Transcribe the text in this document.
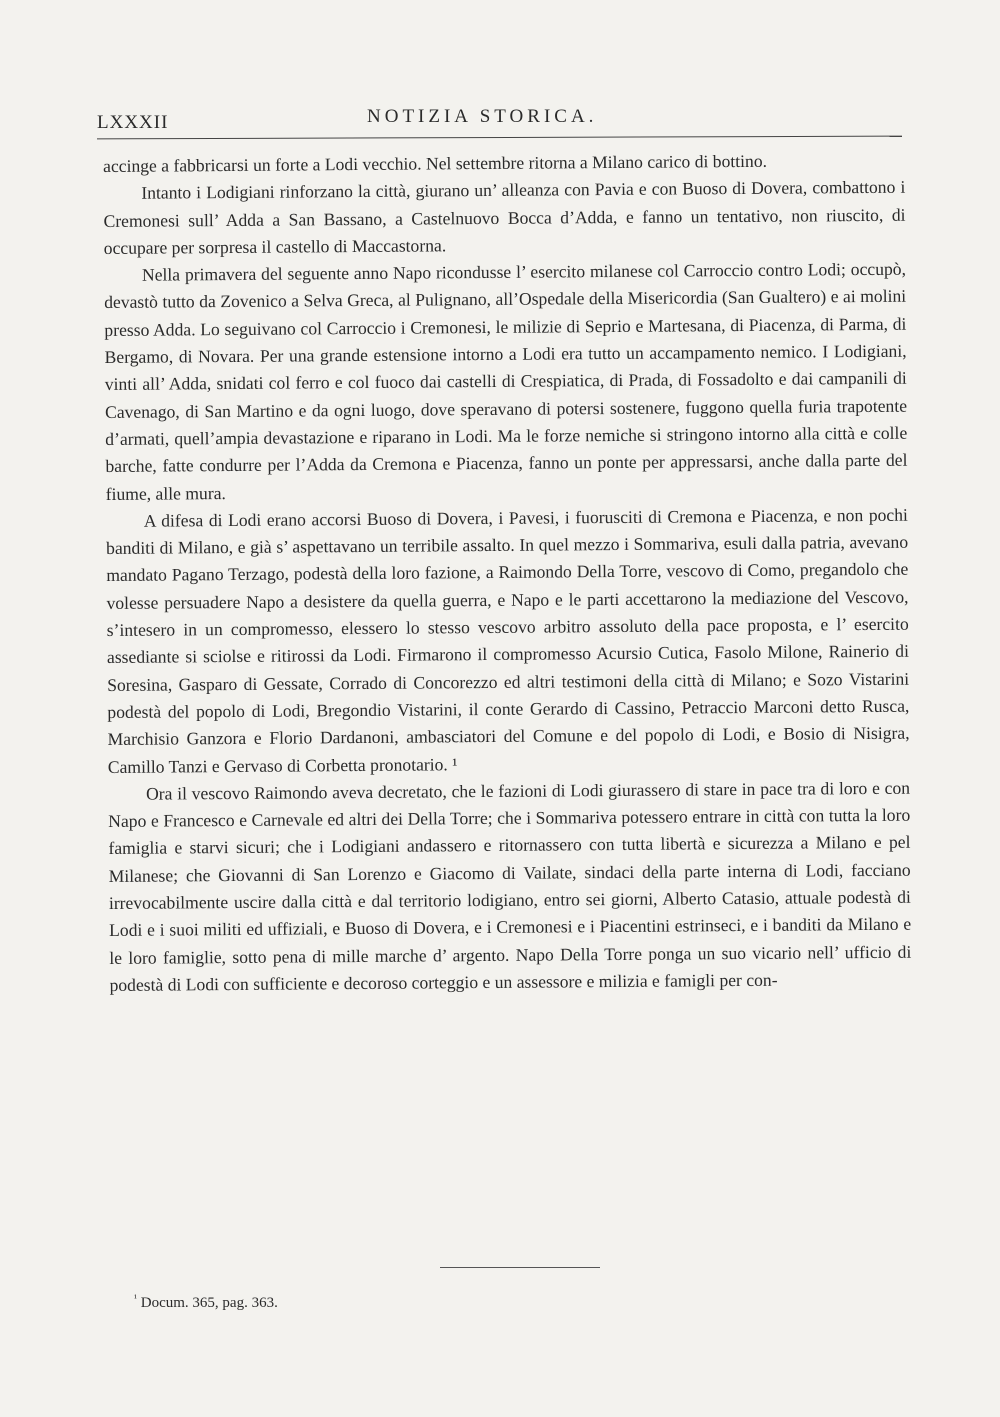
LXXXII	NOTIZIA STORICA.

accinge a fabbricarsi un forte a Lodi vecchio. Nel settembre ritorna a Milano carico di bottino.

Intanto i Lodigiani rinforzano la città, giurano un’ alleanza con Pavia e con Buoso di Dovera, combattono i Cremonesi sull’ Adda a San Bassano, a Castelnuovo Bocca d’Adda, e fanno un tentativo, non riuscito, di occupare per sorpresa il castello di Maccastorna.

Nella primavera del seguente anno Napo ricondusse l’ esercito milanese col Carroccio contro Lodi; occupò, devastò tutto da Zovenico a Selva Greca, al Pulignano, all’Ospedale della Misericordia (San Gualtero) e ai molini presso Adda. Lo seguivano col Carroccio i Cremonesi, le milizie di Seprio e Martesana, di Piacenza, di Parma, di Bergamo, di Novara. Per una grande estensione intorno a Lodi era tutto un accampamento nemico. I Lodigiani, vinti all’ Adda, snidati col ferro e col fuoco dai castelli di Crespiatica, di Prada, di Fossadolto e dai campanili di Cavenago, di San Martino e da ogni luogo, dove speravano di potersi sostenere, fuggono quella furia trapotente d’armati, quell’ampia devastazione e riparano in Lodi. Ma le forze nemiche si stringono intorno alla città e colle barche, fatte condurre per l’Adda da Cremona e Piacenza, fanno un ponte per appressarsi, anche dalla parte del fiume, alle mura.

A difesa di Lodi erano accorsi Buoso di Dovera, i Pavesi, i fuorusciti di Cremona e Piacenza, e non pochi banditi di Milano, e già s’ aspettavano un terribile assalto. In quel mezzo i Sommariva, esuli dalla patria, avevano mandato Pagano Terzago, podestà della loro fazione, a Raimondo Della Torre, vescovo di Como, pregandolo che volesse persuadere Napo a desistere da quella guerra, e Napo e le parti accettarono la mediazione del Vescovo, s’intesero in un compromesso, elessero lo stesso vescovo arbitro assoluto della pace proposta, e l’ esercito assediante si sciolse e ritirossi da Lodi. Firmarono il compromesso Acursio Cutica, Fasolo Milone, Rainerio di Soresina, Gasparo di Gessate, Corrado di Concorezzo ed altri testimoni della città di Milano; e Sozo Vistarini podestà del popolo di Lodi, Bregondio Vistarini, il conte Gerardo di Cassino, Petraccio Marconi detto Rusca, Marchisio Ganzora e Florio Dardanoni, ambasciatori del Comune e del popolo di Lodi, e Bosio di Nisigra, Camillo Tanzi e Gervaso di Corbetta pronotario. ¹

Ora il vescovo Raimondo aveva decretato, che le fazioni di Lodi giurassero di stare in pace tra di loro e con Napo e Francesco e Carnevale ed altri dei Della Torre; che i Sommariva potessero entrare in città con tutta la loro famiglia e starvi sicuri; che i Lodigiani andassero e ritornassero con tutta libertà e sicurezza a Milano e pel Milanese; che Giovanni di San Lorenzo e Giacomo di Vailate, sindaci della parte interna di Lodi, facciano irrevocabilmente uscire dalla città e dal territorio lodigiano, entro sei giorni, Alberto Catasio, attuale podestà di Lodi e i suoi militi ed uffiziali, e Buoso di Dovera, e i Cremonesi e i Piacentini estrinseci, e i banditi da Milano e le loro famiglie, sotto pena di mille marche d’ argento. Napo Della Torre ponga un suo vicario nell’ ufficio di podestà di Lodi con sufficiente e decoroso corteggio e un assessore e milizia e famigli per con-

$^{^1}$ Docum. 365, pag. 363.
